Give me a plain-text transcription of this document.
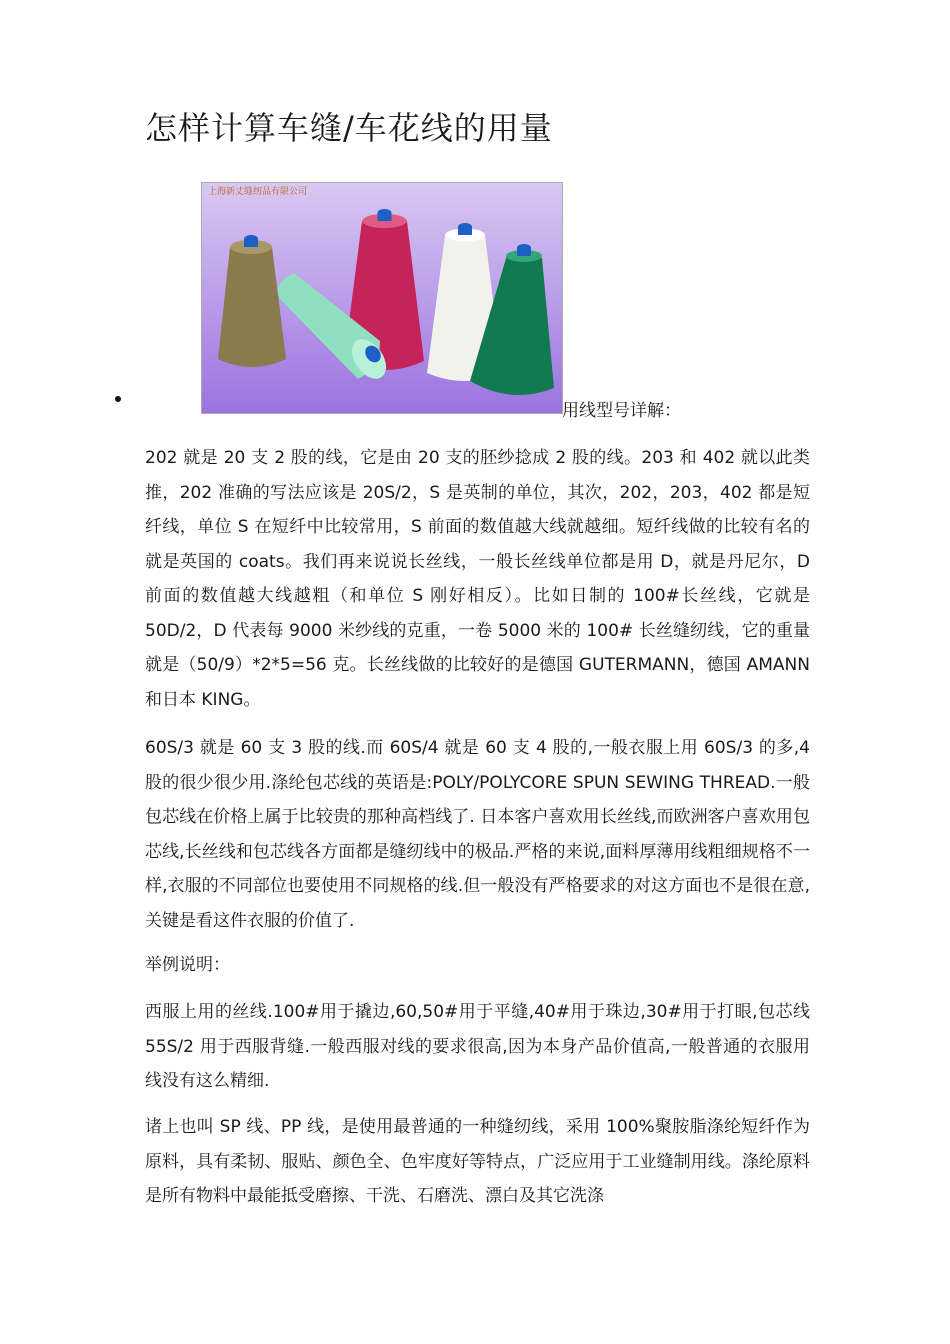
怎样计算车缝/车花线的用量
上海新丈缝纫品有限公司
用线型号详解：

202 就是 20 支 2 股的线，它是由 20 支的胚纱捻成 2 股的线。203 和 402 就以此类推，202 准确的写法应该是 20S/2，S 是英制的单位，其次，202，203，402 都是短纤线，单位 S 在短纤中比较常用，S 前面的数值越大线就越细。短纤线做的比较有名的就是英国的 coats。我们再来说说长丝线，一般长丝线单位都是用 D，就是丹尼尔，D 前面的数值越大线越粗（和单位 S 刚好相反）。比如日制的 100#长丝线，它就是 50D/2，D 代表每 9000 米纱线的克重，一卷 5000 米的 100# 长丝缝纫线，它的重量就是（50/9）*2*5=56 克。长丝线做的比较好的是德国 GUTERMANN，德国 AMANN 和日本 KING。

60S/3 就是 60 支 3 股的线.而 60S/4 就是 60 支 4 股的,一般衣服上用 60S/3 的多,4 股的很少很少用.涤纶包芯线的英语是:POLY/POLYCORE SPUN SEWING THREAD.一般包芯线在价格上属于比较贵的那种高档线了. 日本客户喜欢用长丝线,而欧洲客户喜欢用包芯线,长丝线和包芯线各方面都是缝纫线中的极品.严格的来说,面料厚薄用线粗细规格不一样,衣服的不同部位也要使用不同规格的线.但一般没有严格要求的对这方面也不是很在意,关键是看这件衣服的价值了.

举例说明：

西服上用的丝线.100#用于撬边,60,50#用于平缝,40#用于珠边,30#用于打眼,包芯线 55S/2 用于西服背缝.一般西服对线的要求很高,因为本身产品价值高,一般普通的衣服用线没有这么精细.

诸上也叫 SP 线、PP 线，是使用最普通的一种缝纫线，采用 100%聚胺脂涤纶短纤作为原料，具有柔韧、服贴、颜色全、色牢度好等特点，广泛应用于工业缝制用线。涤纶原料是所有物料中最能抵受磨擦、干洗、石磨洗、漂白及其它洗涤
